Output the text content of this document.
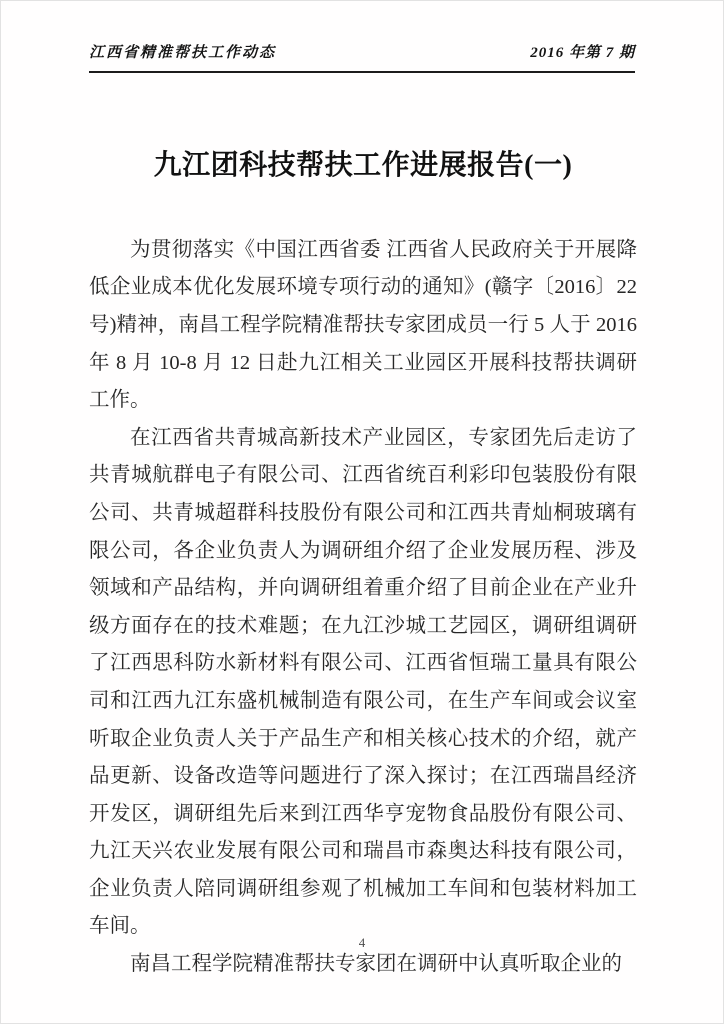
江西省精准帮扶工作动态	2016 年第 7 期
九江团科技帮扶工作进展报告(一)

为贯彻落实《中国江西省委 江西省人民政府关于开展降低企业成本优化发展环境专项行动的通知》(赣字〔2016〕22 号)精神，南昌工程学院精准帮扶专家团成员一行 5 人于 2016 年 8 月 10-8 月 12 日赴九江相关工业园区开展科技帮扶调研工作。

在江西省共青城高新技术产业园区，专家团先后走访了共青城航群电子有限公司、江西省统百利彩印包装股份有限公司、共青城超群科技股份有限公司和江西共青灿桐玻璃有限公司，各企业负责人为调研组介绍了企业发展历程、涉及领域和产品结构，并向调研组着重介绍了目前企业在产业升级方面存在的技术难题；在九江沙城工艺园区，调研组调研了江西思科防水新材料有限公司、江西省恒瑞工量具有限公司和江西九江东盛机械制造有限公司，在生产车间或会议室听取企业负责人关于产品生产和相关核心技术的介绍，就产品更新、设备改造等问题进行了深入探讨；在江西瑞昌经济开发区，调研组先后来到江西华亨宠物食品股份有限公司、九江天兴农业发展有限公司和瑞昌市森奥达科技有限公司，企业负责人陪同调研组参观了机械加工车间和包装材料加工车间。

南昌工程学院精准帮扶专家团在调研中认真听取企业的

4
